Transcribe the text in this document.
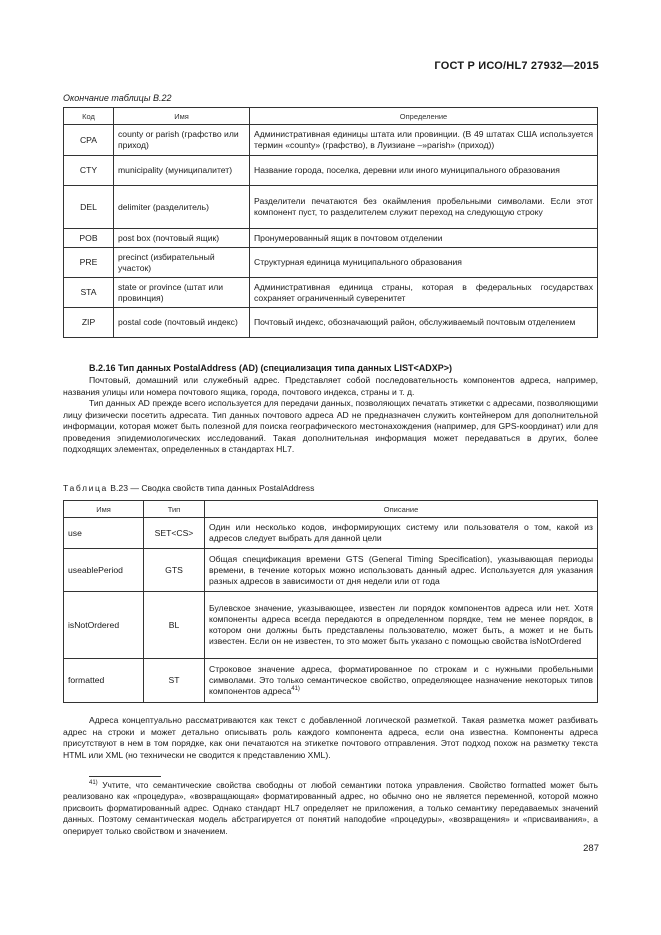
ГОСТ Р ИСО/HL7 27932—2015
Окончание таблицы В.22
Код	Имя	Определение
CPA	county or parish (графство или приход)	Административная единицы штата или провинции. (В 49 штатах США используется термин «county» (графство), в Луизиане –»parish» (приход))
CTY	municipality (муниципалитет)	Название города, поселка, деревни или иного муниципального образования
DEL	delimiter (разделитель)	Разделители печатаются без окаймления пробельными символами. Если этот компонент пуст, то разделителем служит переход на следующую строку
POB	post box (почтовый ящик)	Пронумерованный ящик в почтовом отделении
PRE	precinct (избирательный участок)	Структурная единица муниципального образования
STA	state or province (штат или провинция)	Административная единица страны, которая в федеральных государствах сохраняет ограниченный суверенитет
ZIP	postal code (почтовый индекс)	Почтовый индекс, обозначающий район, обслуживаемый почтовым отделением
B.2.16 Тип данных PostalAddress (AD) (специализация типа данных LIST<ADXP>)

Почтовый, домашний или служебный адрес. Представляет собой последовательность компонентов адреса, например, названия улицы или номера почтового ящика, города, почтового индекса, страны и т. д.

Тип данных AD прежде всего используется для передачи данных, позволяющих печатать этикетки с адресами, позволяющими лицу физически посетить адресата. Тип данных почтового адреса AD не предназначен служить контейнером для дополнительной информации, которая может быть полезной для поиска географического местонахождения (например, для GPS-координат) или для проведения эпидемиологических исследований. Такая дополнительная информация может передаваться в других, более подходящих элементах, определенных в стандартах HL7.

Таблица В.23 — Сводка свойств типа данных PostalAddress
Имя	Тип	Описание
use	SET<CS>	Один или несколько кодов, информирующих систему или пользователя о том, какой из адресов следует выбрать для данной цели
useablePeriod	GTS	Общая спецификация времени GTS (General Timing Specification), указывающая периоды времени, в течение которых можно использовать данный адрес. Используется для указания разных адресов в зависимости от дня недели или от года
isNotOrdered	BL	Булевское значение, указывающее, известен ли порядок компонентов адреса или нет. Хотя компоненты адреса всегда передаются в определенном порядке, тем не менее порядок, в котором они должны быть представлены пользователю, может быть, а может и не быть известен. Если он не известен, то это может быть указано с помощью свойства isNotOrdered
formatted	ST	Строковое значение адреса, форматированное по строкам и с нужными пробельными символами. Это только семантическое свойство, определяющее назначение некоторых типов компонентов адреса$^{41)}$

Адреса концептуально рассматриваются как текст с добавленной логической разметкой. Такая разметка может разбивать адрес на строки и может детально описывать роль каждого компонента адреса, если она известна. Компоненты адреса присутствуют в нем в том порядке, как они печатаются на этикетке почтового отправления. Этот подход похож на разметку текста HTML или XML (но технически не сводится к представлению XML).

$^{41)}$ Учтите, что семантические свойства свободны от любой семантики потока управления. Свойство formatted может быть реализовано как «процедура», «возвращающая» форматированный адрес, но обычно оно не является переменной, которой можно присвоить форматированный адрес. Однако стандарт HL7 определяет не приложения, а только семантику передаваемых значений данных. Поэтому семантическая модель абстрагируется от понятий наподобие «процедуры», «возвращения» и «присваивания», а оперирует только свойством и значением.

287
